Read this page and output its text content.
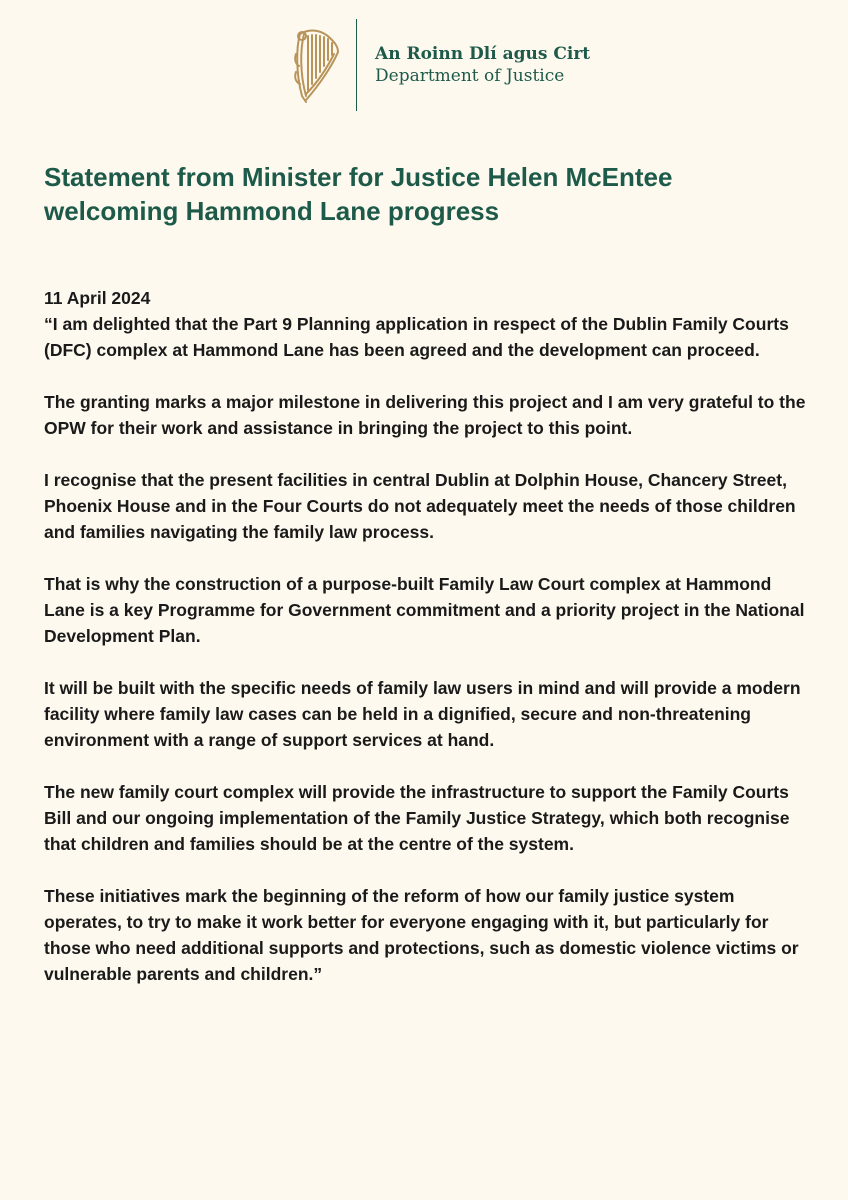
An Roinn Dlí agus Cirt
Department of Justice
Statement from Minister for Justice Helen McEntee welcoming Hammond Lane progress

11 April 2024

“I am delighted that the Part 9 Planning application in respect of the Dublin Family Courts (DFC) complex at Hammond Lane has been agreed and the development can proceed.

The granting marks a major milestone in delivering this project and I am very grateful to the OPW for their work and assistance in bringing the project to this point.

I recognise that the present facilities in central Dublin at Dolphin House, Chancery Street, Phoenix House and in the Four Courts do not adequately meet the needs of those children and families navigating the family law process.

That is why the construction of a purpose-built Family Law Court complex at Hammond Lane is a key Programme for Government commitment and a priority project in the National Development Plan.

It will be built with the specific needs of family law users in mind and will provide a modern facility where family law cases can be held in a dignified, secure and non-threatening environment with a range of support services at hand.

The new family court complex will provide the infrastructure to support the Family Courts Bill and our ongoing implementation of the Family Justice Strategy, which both recognise that children and families should be at the centre of the system.

These initiatives mark the beginning of the reform of how our family justice system operates, to try to make it work better for everyone engaging with it, but particularly for those who need additional supports and protections, such as domestic violence victims or vulnerable parents and children.”
